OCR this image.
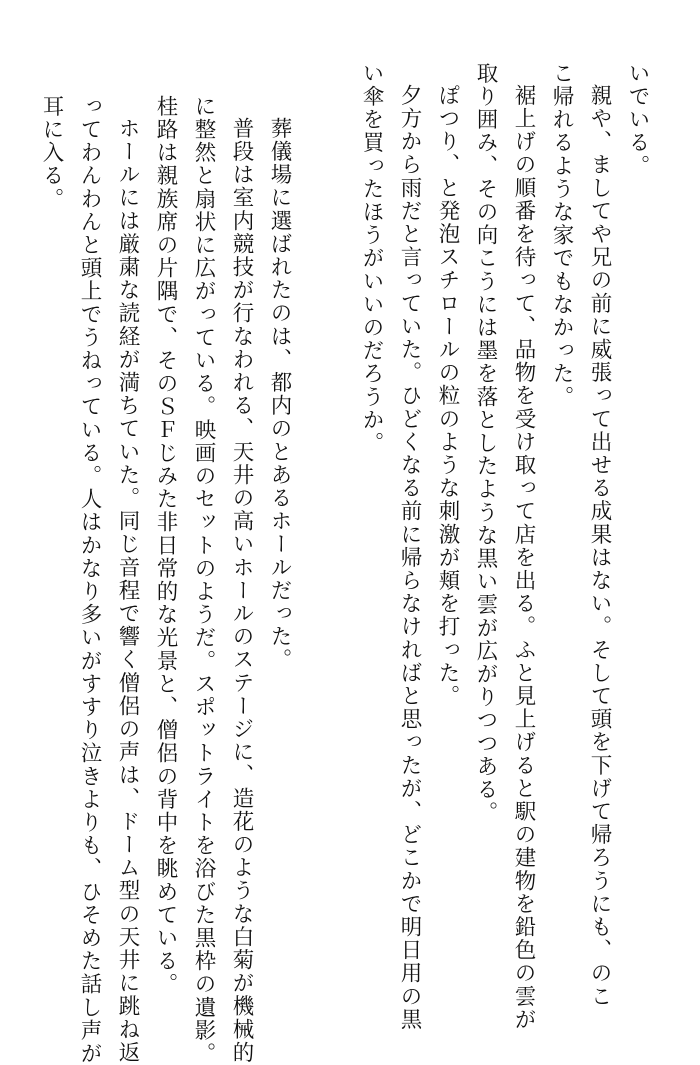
いでいる。

親や、ましてや兄の前に威張って出せる成果はない。そして頭を下げて帰ろうにも、のこ

こ帰れるような家でもなかった。

裾上げの順番を待って、品物を受け取って店を出る。ふと見上げると駅の建物を鉛色の雲が

取り囲み、その向こうには墨を落としたような黒い雲が広がりつつある。

ぽつり、と発泡スチロールの粒のような刺激が頬を打った。

夕方から雨だと言っていた。ひどくなる前に帰らなければと思ったが、どこかで明日用の黒

い傘を買ったほうがいいのだろうか。

葬儀場に選ばれたのは、都内のとあるホールだった。

普段は室内競技が行なわれる、天井の高いホールのステージに、造花のような白菊が機械的

に整然と扇状に広がっている。映画のセットのようだ。スポットライトを浴びた黒枠の遺影。

桂路は親族席の片隅で、そのＳＦじみた非日常的な光景と、僧侶の背中を眺めている。

ホールには厳粛な読経が満ちていた。同じ音程で響く僧侶の声は、ドーム型の天井に跳ね返

ってわんわんと頭上でうねっている。人はかなり多いがすすり泣きよりも、ひそめた話し声が

耳に入る。
